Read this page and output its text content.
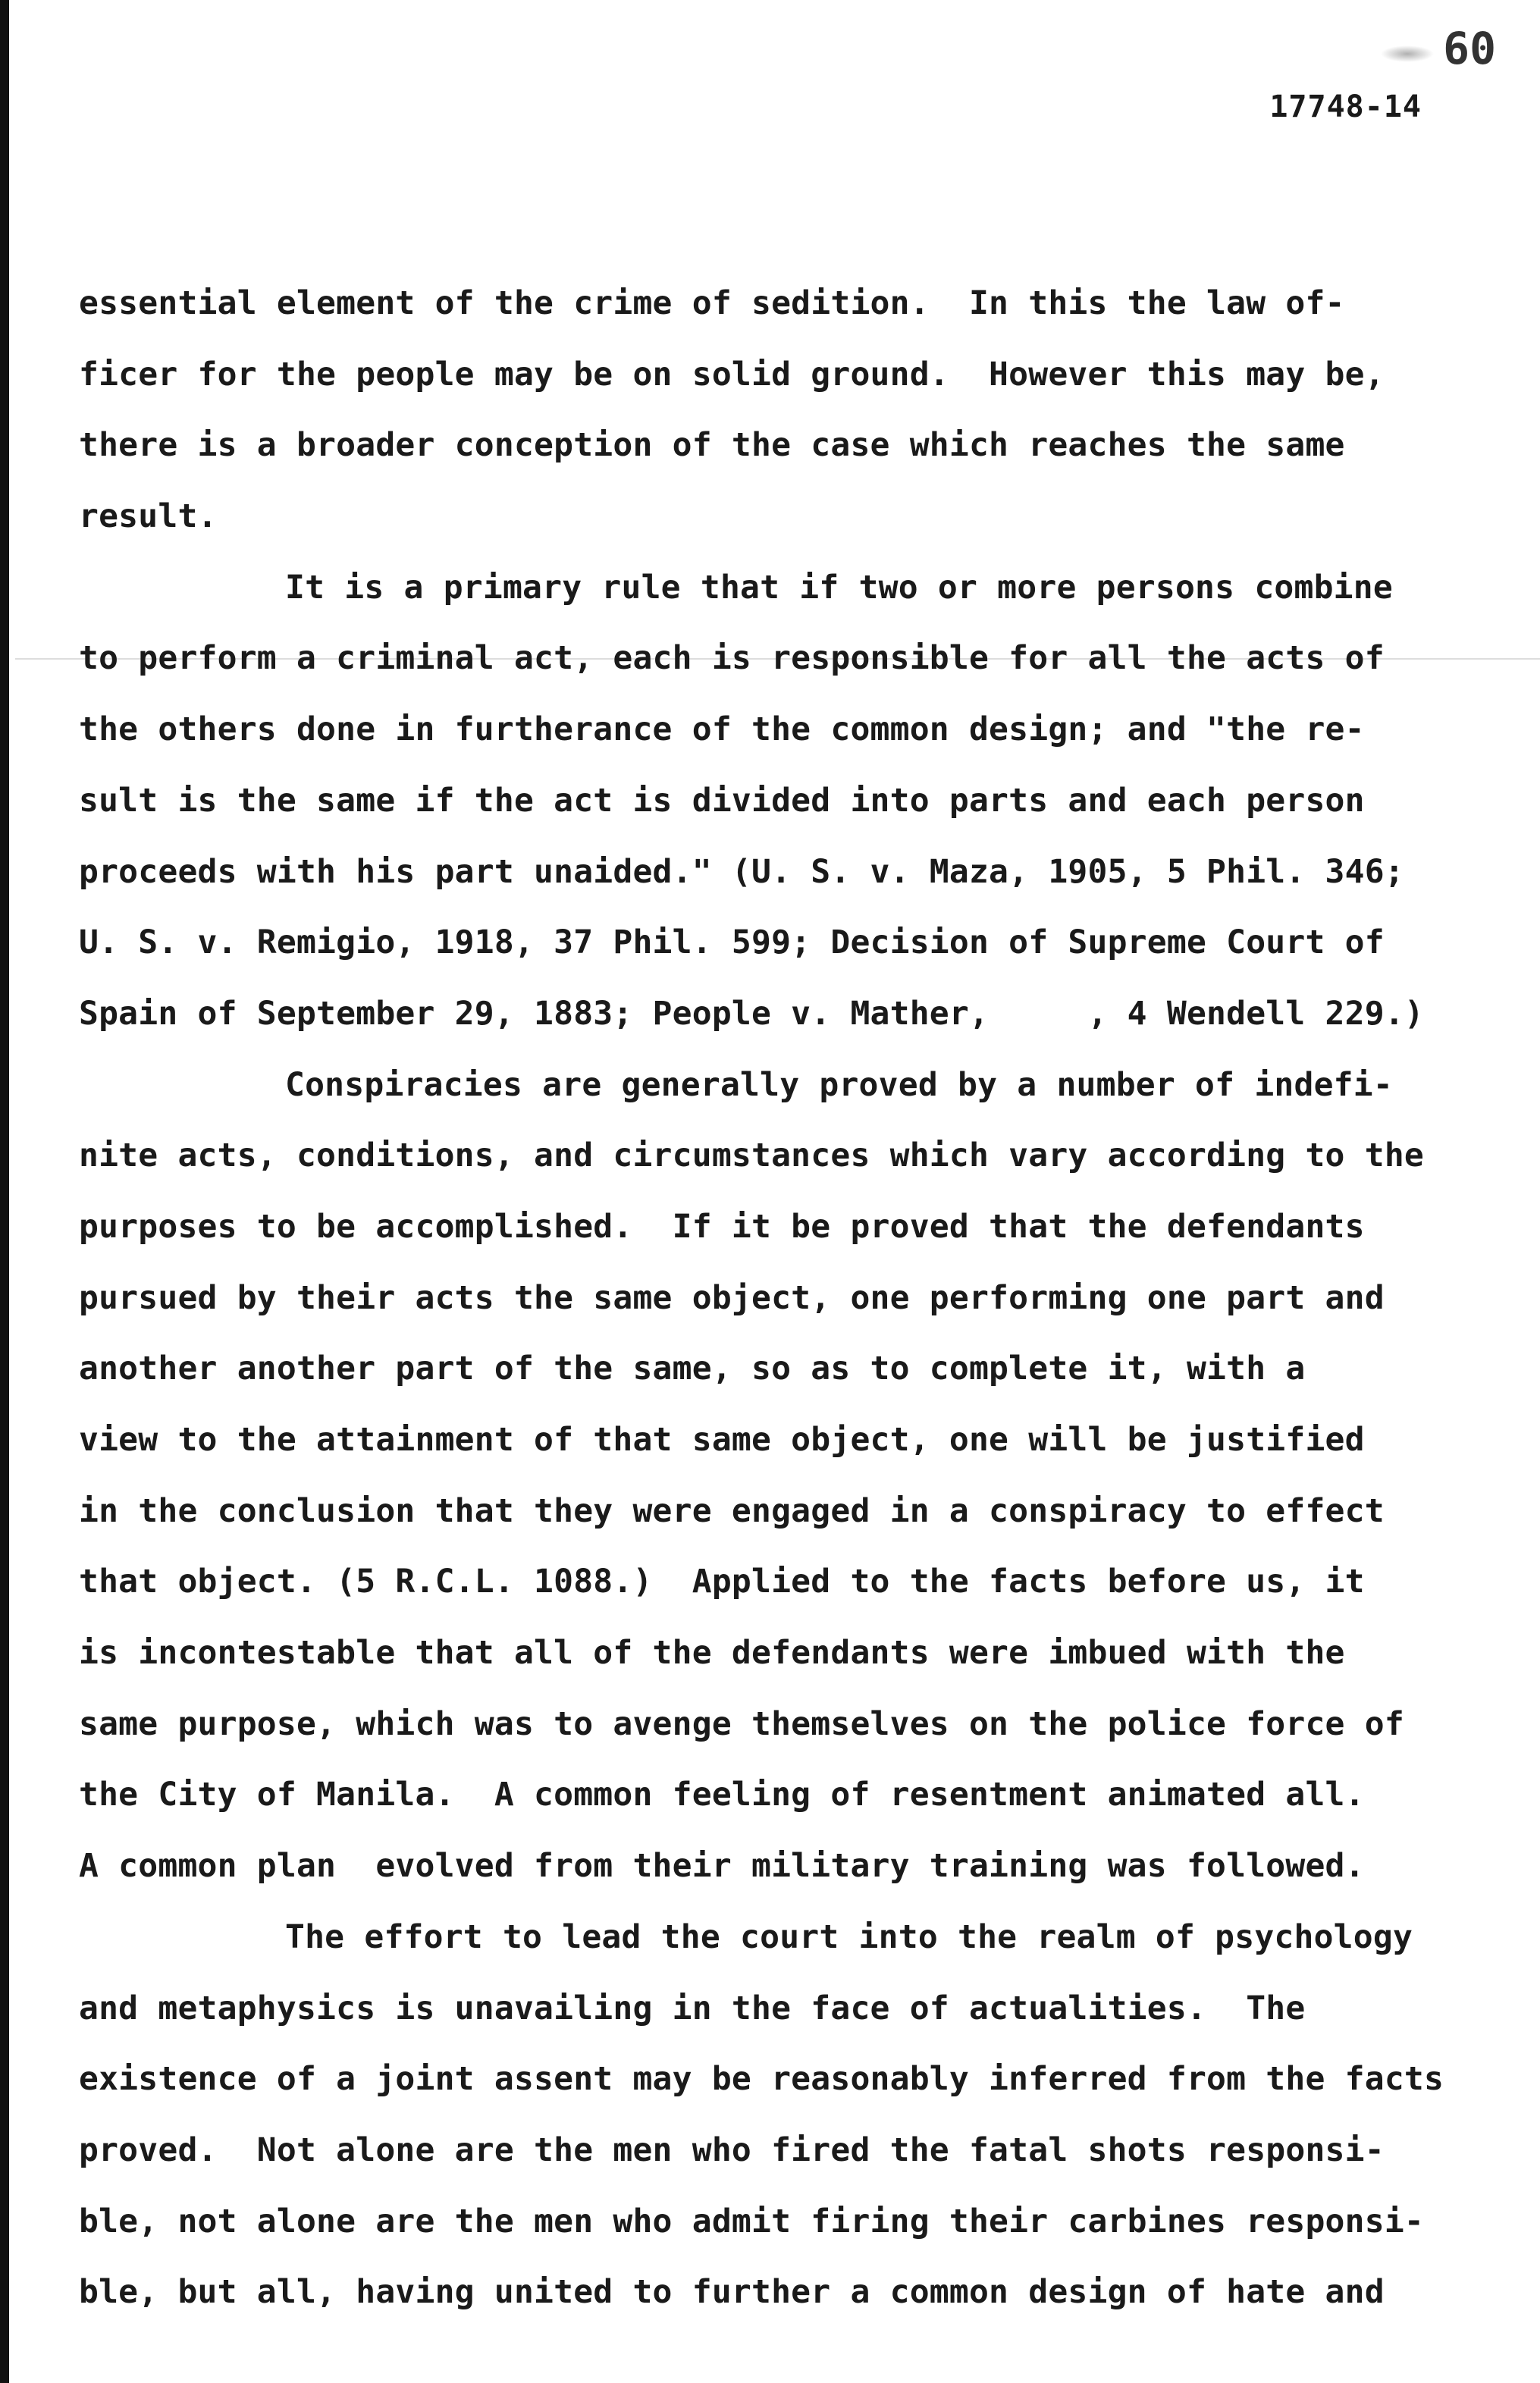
60
17748-14
essential element of the crime of sedition.  In this the law of-
ficer for the people may be on solid ground.  However this may be,
there is a broader conception of the case which reaches the same
result.
It is a primary rule that if two or more persons combine
to perform a criminal act, each is responsible for all the acts of
the others done in furtherance of the common design; and "the re-
sult is the same if the act is divided into parts and each person
proceeds with his part unaided." (U. S. v. Maza, 1905, 5 Phil. 346;
U. S. v. Remigio, 1918, 37 Phil. 599; Decision of Supreme Court of
Spain of September 29, 1883; People v. Mather,     , 4 Wendell 229.)
Conspiracies are generally proved by a number of indefi-
nite acts, conditions, and circumstances which vary according to the
purposes to be accomplished.  If it be proved that the defendants
pursued by their acts the same object, one performing one part and
another another part of the same, so as to complete it, with a
view to the attainment of that same object, one will be justified
in the conclusion that they were engaged in a conspiracy to effect
that object. (5 R.C.L. 1088.)  Applied to the facts before us, it
is incontestable that all of the defendants were imbued with the
same purpose, which was to avenge themselves on the police force of
the City of Manila.  A common feeling of resentment animated all.
A common plan  evolved from their military training was followed.
The effort to lead the court into the realm of psychology
and metaphysics is unavailing in the face of actualities.  The
existence of a joint assent may be reasonably inferred from the facts
proved.  Not alone are the men who fired the fatal shots responsi-
ble, not alone are the men who admit firing their carbines responsi-
ble, but all, having united to further a common design of hate and
